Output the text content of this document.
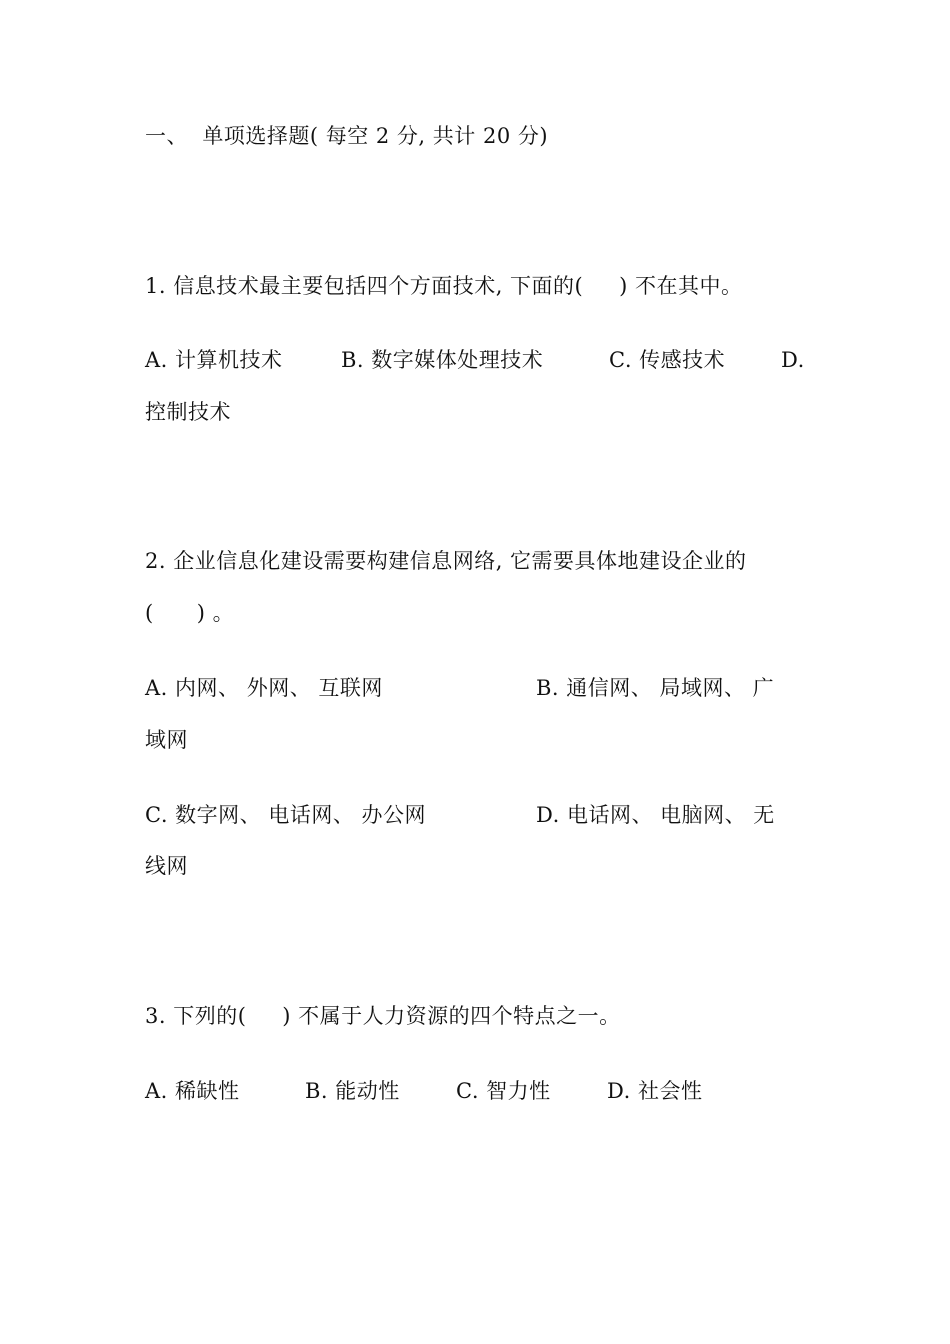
一、  单项选择题( 每空 2 分, 共计 20 分)
1. 信息技术最主要包括四个方面技术, 下面的(     ) 不在其中。
A. 计算机技术	B. 数字媒体处理技术	C. 传感技术	D.
控制技术
2. 企业信息化建设需要构建信息网络, 它需要具体地建设企业的
(      ) 。
A. 内网、 外网、 互联网	B. 通信网、 局域网、 广
域网
C. 数字网、 电话网、 办公网	D. 电话网、 电脑网、 无
线网
3. 下列的(     ) 不属于人力资源的四个特点之一。
A. 稀缺性	B. 能动性	C. 智力性	D. 社会性
